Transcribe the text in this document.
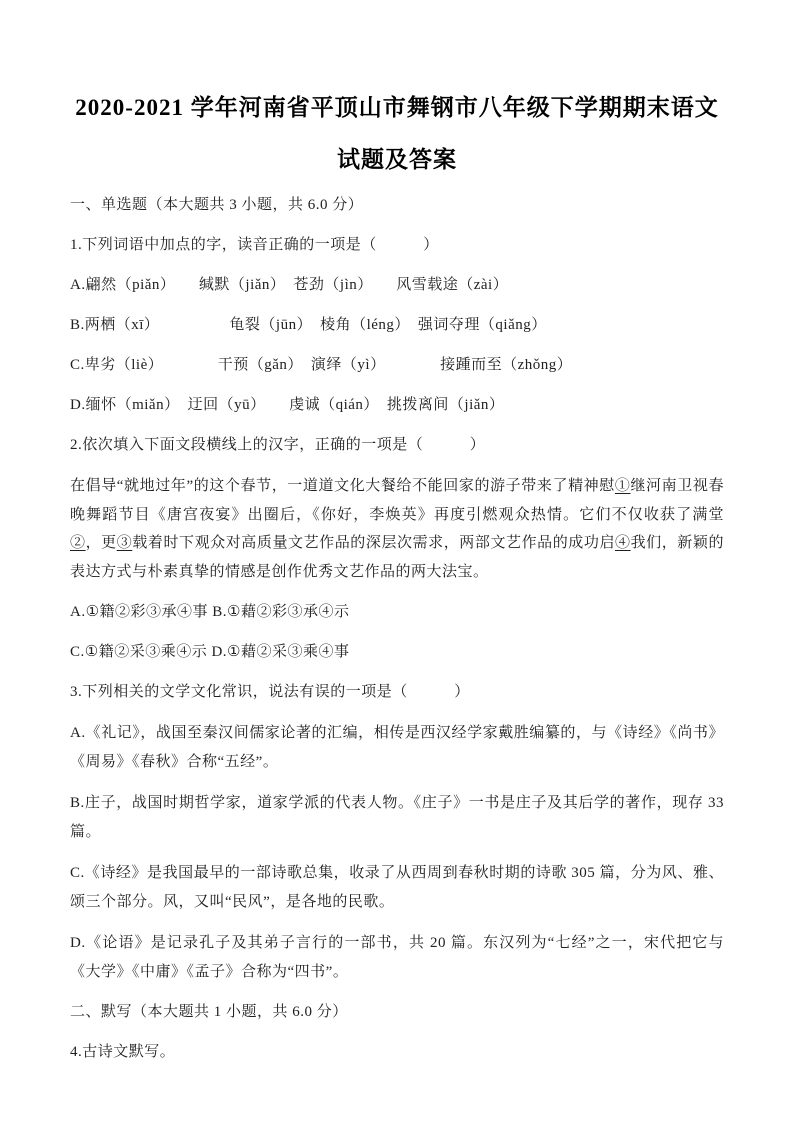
2020-2021 学年河南省平顶山市舞钢市八年级下学期期末语文试题及答案
一、单选题（本大题共 3 小题，共 6.0 分）
1.下列词语中加点的字，读音正确的一项是（　　　）
A.翩然（piǎn）　　缄默（jiǎn）　苍劲（jìn）　　风雪载途（zài）
B.两栖（xī）　　　　　龟裂（jūn）　棱角（léng）　强词夺理（qiǎng）
C.卑劣（liè）　　　　干预（gǎn）　演绎（yì）　　　　接踵而至（zhǒng）
D.缅怀（miǎn）　迂回（yū）　　虔诚（qián）　挑拨离间（jiǎn）
2.依次填入下面文段横线上的汉字，正确的一项是（　　　）
在倡导“就地过年”的这个春节，一道道文化大餐给不能回家的游子带来了精神慰①继河南卫视春晚舞蹈节目《唐宫夜宴》出圈后，《你好，李焕英》再度引燃观众热情。它们不仅收获了满堂②，更③载着时下观众对高质量文艺作品的深层次需求，两部文艺作品的成功启④我们，新颖的表达方式与朴素真挚的情感是创作优秀文艺作品的两大法宝。
A.①籍②彩③承④事 B.①藉②彩③承④示
C.①籍②采③乘④示 D.①藉②采③乘④事
3.下列相关的文学文化常识，说法有误的一项是（　　　）
A.《礼记》，战国至秦汉间儒家论著的汇编，相传是西汉经学家戴胜编纂的，与《诗经》《尚书》《周易》《春秋》合称“五经”。
B.庄子，战国时期哲学家，道家学派的代表人物。《庄子》一书是庄子及其后学的著作，现存 33 篇。
C.《诗经》是我国最早的一部诗歌总集，收录了从西周到春秋时期的诗歌 305 篇，分为风、雅、颂三个部分。风，又叫“民风”，是各地的民歌。
D.《论语》是记录孔子及其弟子言行的一部书，共 20 篇。东汉列为“七经”之一，宋代把它与《大学》《中庸》《孟子》合称为“四书”。
二、默写（本大题共 1 小题，共 6.0 分）
4.古诗文默写。
